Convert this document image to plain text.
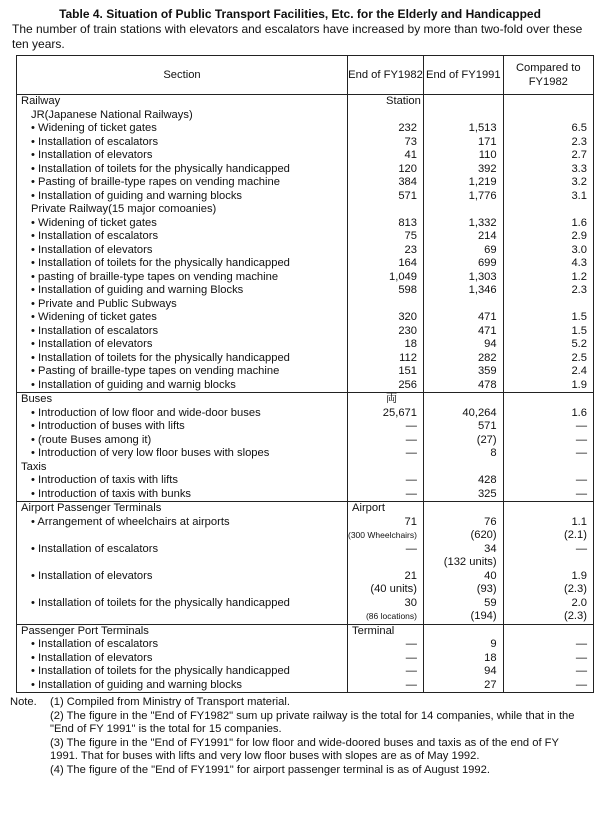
Table 4. Situation of Public Transport Facilities, Etc. for the Elderly and Handicapped
The number of train stations with elevators and escalators have increased by more than two-fold over these ten years.
Section	End of FY1982	End of FY1991	Compared to FY1982
Railway	Station		
JR(Japanese National Railways)			
• Widening of ticket gates	232	1,513	6.5
• Installation of escalators	73	171	2.3
• Installation of elevators	41	110	2.7
• Installation of toilets for the physically handicapped	120	392	3.3
• Pasting of braille-type rapes on vending machine	384	1,219	3.2
• Installation of guiding and warning blocks	571	1,776	3.1
Private Railway(15 major comoanies)			
• Widening of ticket gates	813	1,332	1.6
• Installation of escalators	75	214	2.9
• Installation of elevators	23	69	3.0
• Installation of toilets for the physically handicapped	164	699	4.3
• pasting of braille-type tapes on vending machine	1,049	1,303	1.2
• Installation of guiding and warning Blocks	598	1,346	2.3
• Private and Public Subways			
• Widening of ticket gates	320	471	1.5
• Installation of escalators	230	471	1.5
• Installation of elevators	18	94	5.2
• Installation of toilets for the physically handicapped	112	282	2.5
• Pasting of braille-type tapes on vending machine	151	359	2.4
• Installation of guiding and warnig blocks	256	478	1.9
Buses	両		
• Introduction of low floor and wide-door buses	25,671	40,264	1.6
• Introduction of buses with lifts	—	571	—
• (route Buses among it)	—	(27)	—
• Introduction of very low floor buses with slopes	—	8	—
Taxis			
• Introduction of taxis with lifts	—	428	—
• Introduction of taxis with bunks	—	325	—
Airport Passenger Terminals	Airport		
• Arrangement of wheelchairs at airports	71	76	1.1
	(300 Wheelchairs)	(620)	(2.1)
• Installation of escalators	—	34	—
		(132 units)	
• Installation of elevators	21	40	1.9
	(40 units)	(93)	(2.3)
• Installation of toilets for the physically handicapped	30	59	2.0
	(86 locations)	(194)	(2.3)
Passenger Port Terminals	Terminal		
• Installation of escalators	—	9	—
• Installation of elevators	—	18	—
• Installation of toilets for the physically handicapped	—	94	—
• Installation of guiding and warning blocks	—	27	—
Note.	(1) Compiled from Ministry of Transport material.
(2) The figure in the "End of FY1982" sum up private railway is the total for 14 companies, while that in the "End of FY 1991" is the total for 15 companies.
(3) The figure in the "End of FY1991" for low floor and wide-doored buses and taxis as of the end of FY 1991. That for buses with lifts and very low floor buses with slopes are as of May 1992.
(4) The figure of the "End of FY1991" for airport passenger terminal is as of August 1992.
